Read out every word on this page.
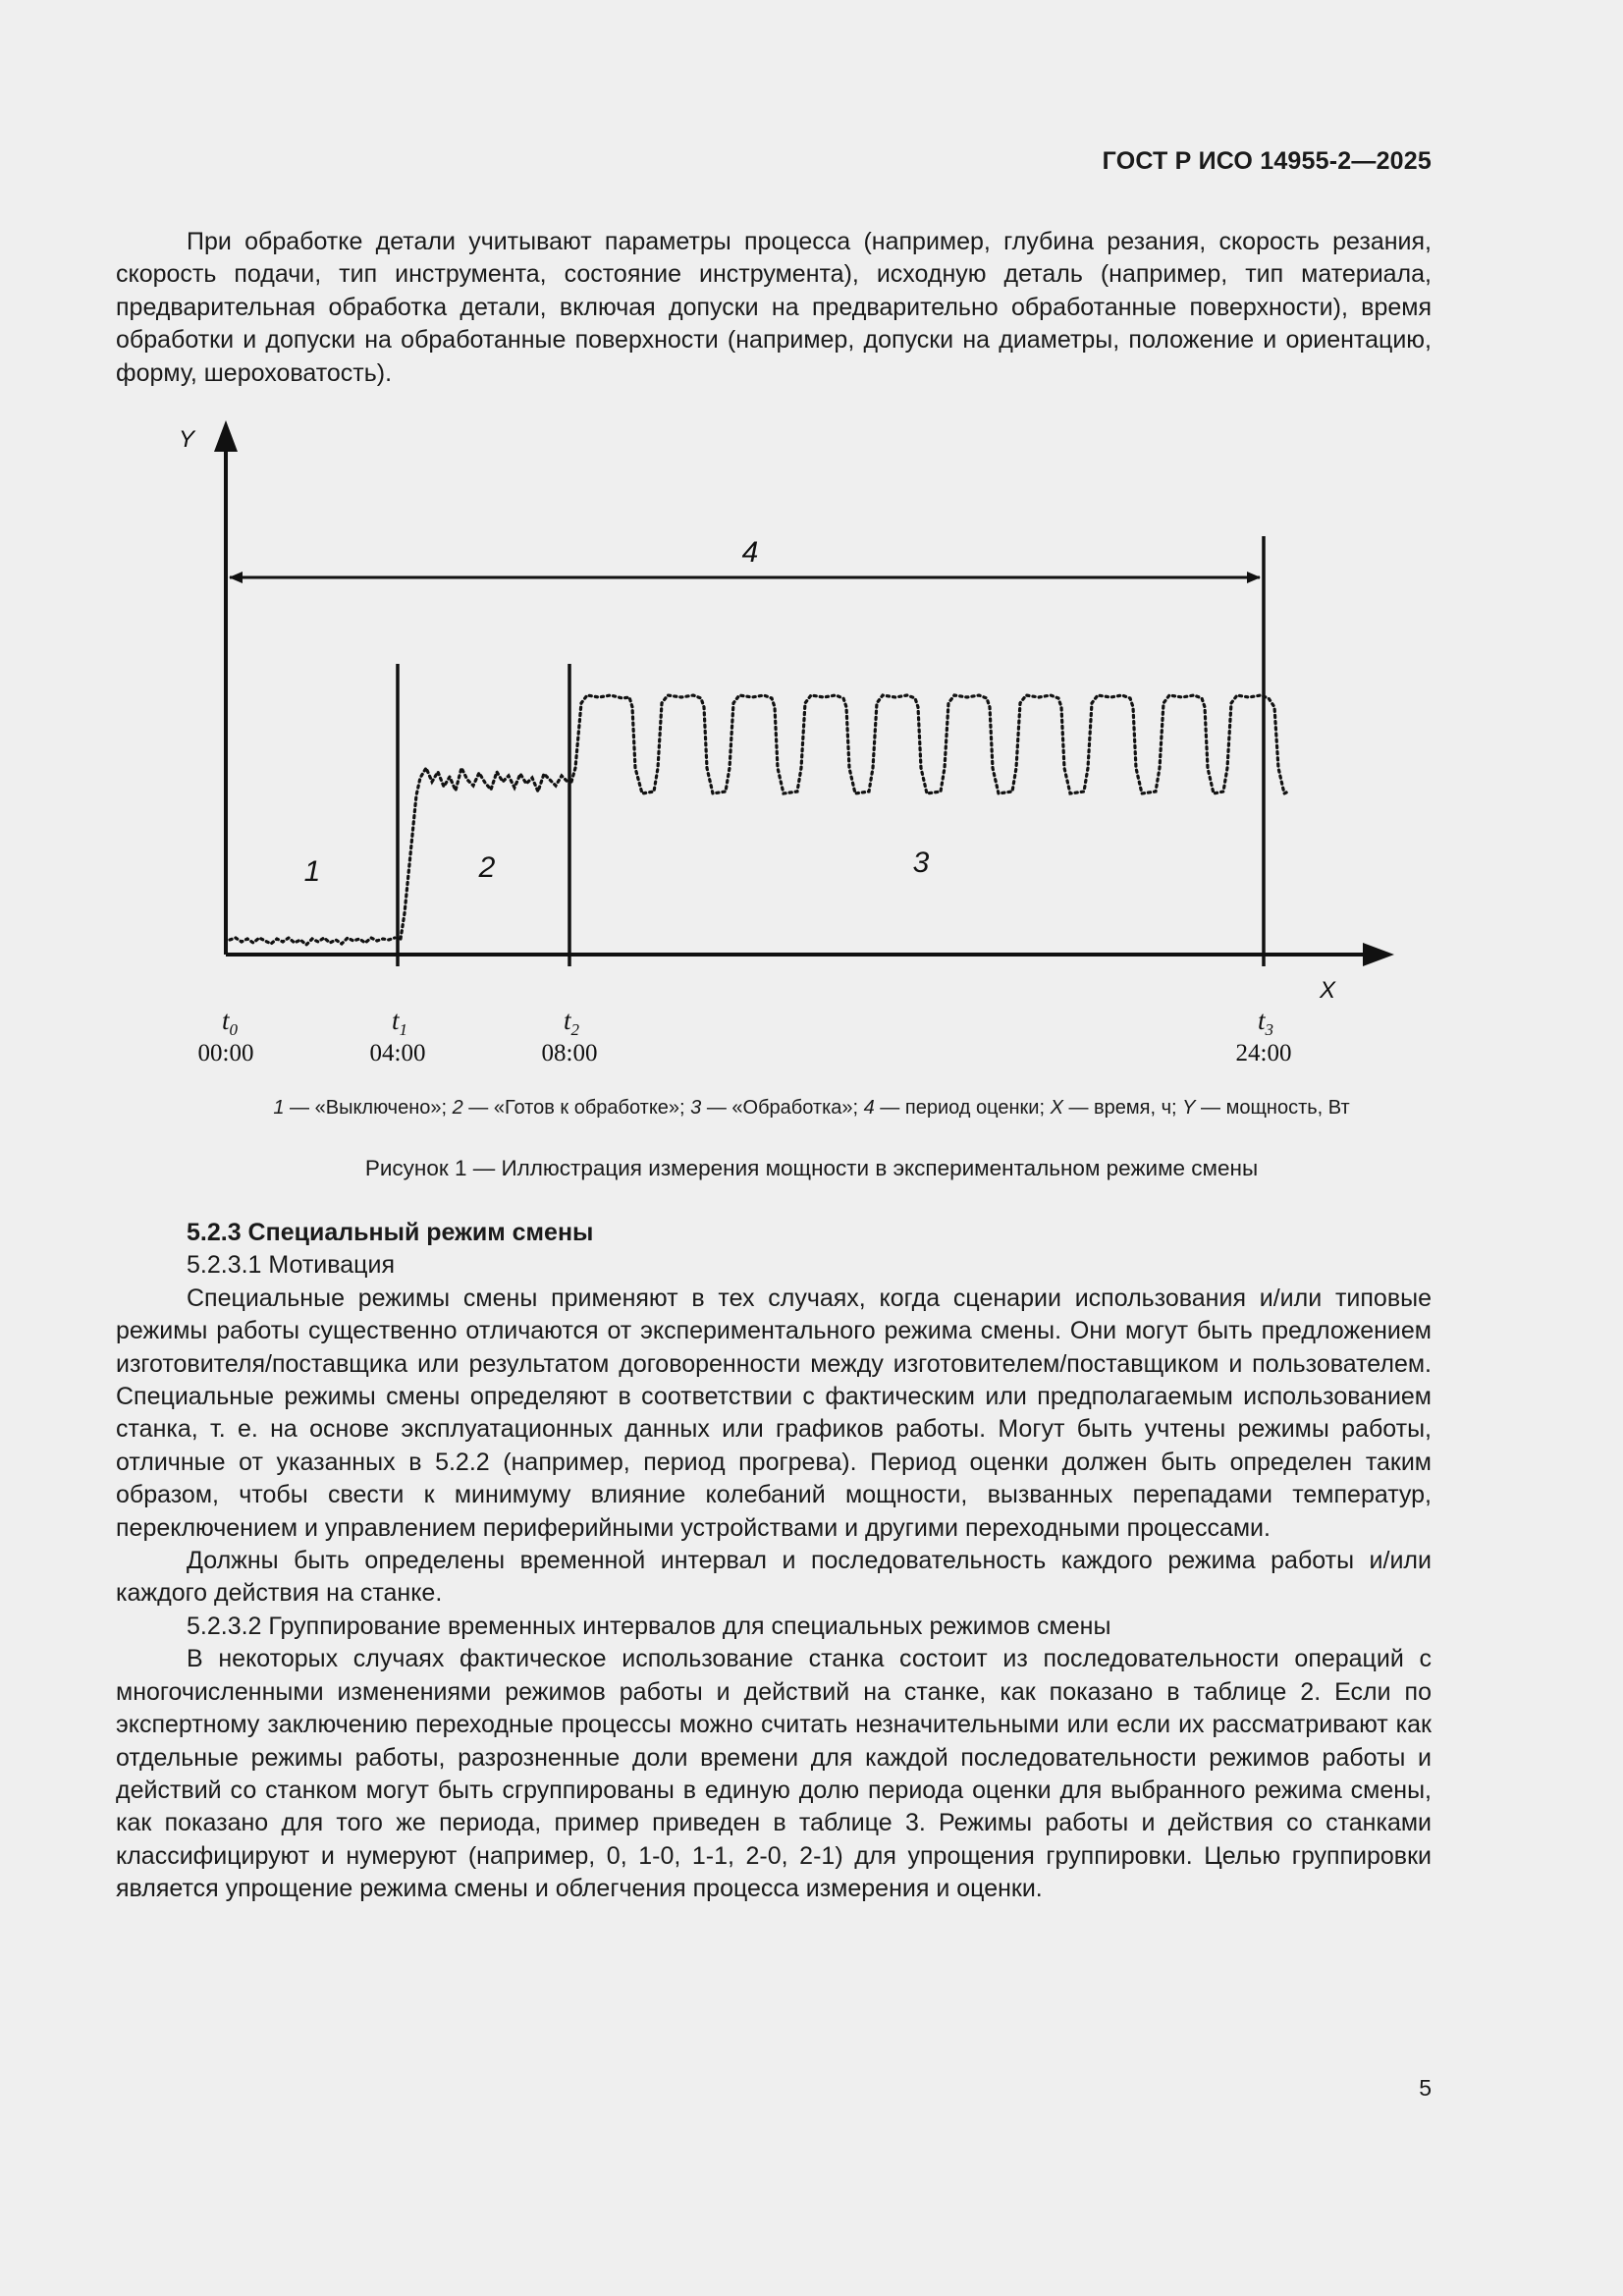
ГОСТ Р ИСО 14955-2—2025

При обработке детали учитывают параметры процесса (например, глубина резания, скорость резания, скорость подачи, тип инструмента, состояние инструмента), исходную деталь (например, тип материала, предварительная обработка детали, включая допуски на предварительно обработанные поверхности), время обработки и допуски на обработанные поверхности (например, допуски на диаметры, положение и ориентацию, форму, шероховатость).

Y
X
4
1	2	3
$t_0$
00:00
$t_1$
04:00
$t_2$
08:00
$t_3$
24:00
1 — «Выключено»; 2 — «Готов к обработке»; 3 — «Обработка»; 4 — период оценки; X — время, ч; Y — мощность, Вт
Рисунок 1 — Иллюстрация измерения мощности в экспериментальном режиме смены

5.2.3 Специальный режим смены

5.2.3.1 Мотивация

Специальные режимы смены применяют в тех случаях, когда сценарии использования и/или типовые режимы работы существенно отличаются от экспериментального режима смены. Они могут быть предложением изготовителя/поставщика или результатом договоренности между изготовителем/поставщиком и пользователем. Специальные режимы смены определяют в соответствии с фактическим или предполагаемым использованием станка, т. е. на основе эксплуатационных данных или графиков работы. Могут быть учтены режимы работы, отличные от указанных в 5.2.2 (например, период прогрева). Период оценки должен быть определен таким образом, чтобы свести к минимуму влияние колебаний мощности, вызванных перепадами температур, переключением и управлением периферийными устройствами и другими переходными процессами.

Должны быть определены временной интервал и последовательность каждого режима работы и/или каждого действия на станке.

5.2.3.2 Группирование временных интервалов для специальных режимов смены

В некоторых случаях фактическое использование станка состоит из последовательности операций с многочисленными изменениями режимов работы и действий на станке, как показано в таблице 2. Если по экспертному заключению переходные процессы можно считать незначительными или если их рассматривают как отдельные режимы работы, разрозненные доли времени для каждой последовательности режимов работы и действий со станком могут быть сгруппированы в единую долю периода оценки для выбранного режима смены, как показано для того же периода, пример приведен в таблице 3. Режимы работы и действия со станками классифицируют и нумеруют (например, 0, 1-0, 1-1, 2-0, 2-1) для упрощения группировки. Целью группировки является упрощение режима смены и облегчения процесса измерения и оценки.

5
